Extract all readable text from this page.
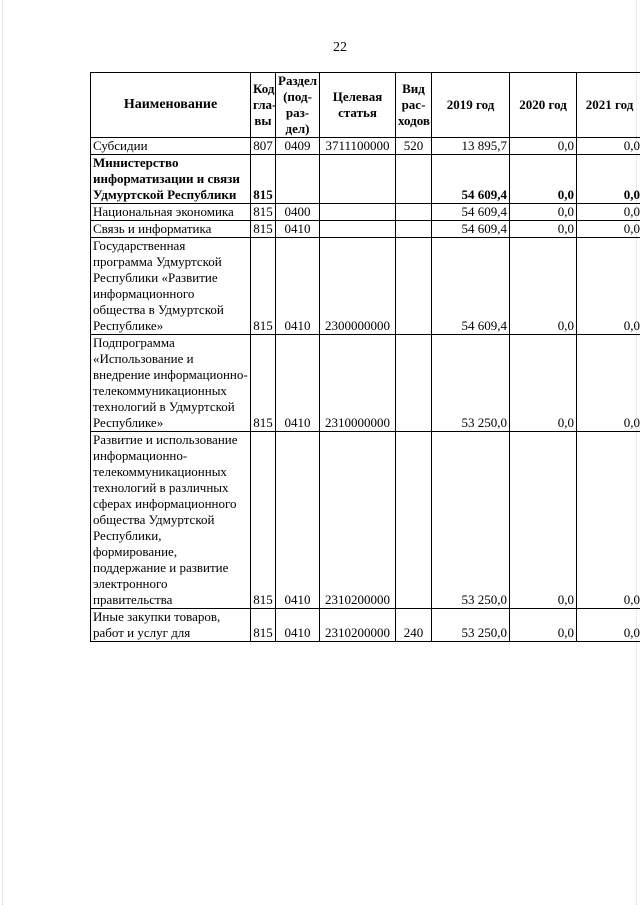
22
Наименование	Код гла-вы	Раздел (под-раз-дел)	Целевая статья	Вид рас-ходов	2019 год	2020 год	2021 год
Субсидии	807	0409	3711100000	520	13 895,7	0,0	0,0
Министерство информатизации и связи Удмуртской Республики	815				54 609,4	0,0	0,0
Национальная экономика	815	0400			54 609,4	0,0	0,0
Связь и информатика	815	0410			54 609,4	0,0	0,0
Государственная программа Удмуртской Республики «Развитие информационного общества в Удмуртской Республике»	815	0410	2300000000		54 609,4	0,0	0,0
Подпрограмма «Использование и внедрение информационно-телекоммуникационных технологий в Удмуртской Республике»	815	0410	2310000000		53 250,0	0,0	0,0
Развитие и использование информационно-телекоммуникационных технологий в различных сферах информационного общества Удмуртской Республики, формирование, поддержание и развитие электронного правительства	815	0410	2310200000		53 250,0	0,0	0,0
Иные закупки товаров, работ и услуг для	815	0410	2310200000	240	53 250,0	0,0	0,0
